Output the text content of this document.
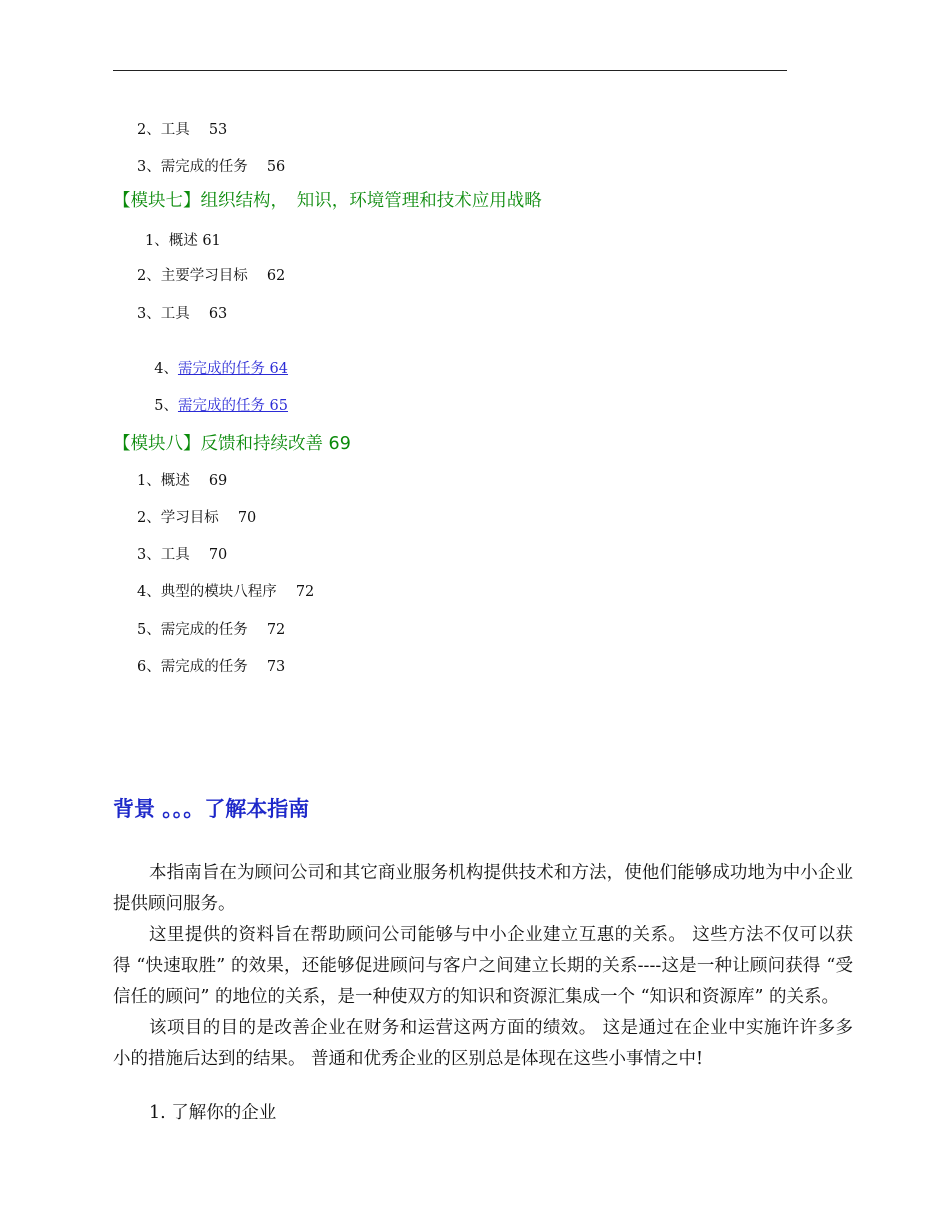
2、工具　 53
3、需完成的任务　 56
【模块七】组织结构，　知识，环境管理和技术应用战略
1、概述 61
2、主要学习目标　 62
3、工具　 63

4、需完成的任务 64

5、需完成的任务 65

【模块八】反馈和持续改善 69
1、概述　 69
2、学习目标　 70
3、工具　 70
4、典型的模块八程序　 72
5、需完成的任务　 72
6、需完成的任务　 73
背景 。。。了解本指南

本指南旨在为顾问公司和其它商业服务机构提供技术和方法，使他们能够成功地为中小企业提供顾问服务。

这里提供的资料旨在帮助顾问公司能够与中小企业建立互惠的关系。 这些方法不仅可以获得 “快速取胜” 的效果，还能够促进顾问与客户之间建立长期的关系----这是一种让顾问获得 “受信任的顾问” 的地位的关系，是一种使双方的知识和资源汇集成一个 “知识和资源库” 的关系。

该项目的目的是改善企业在财务和运营这两方面的绩效。 这是通过在企业中实施许许多多小的措施后达到的结果。 普通和优秀企业的区别总是体现在这些小事情之中!

1. 了解你的企业
